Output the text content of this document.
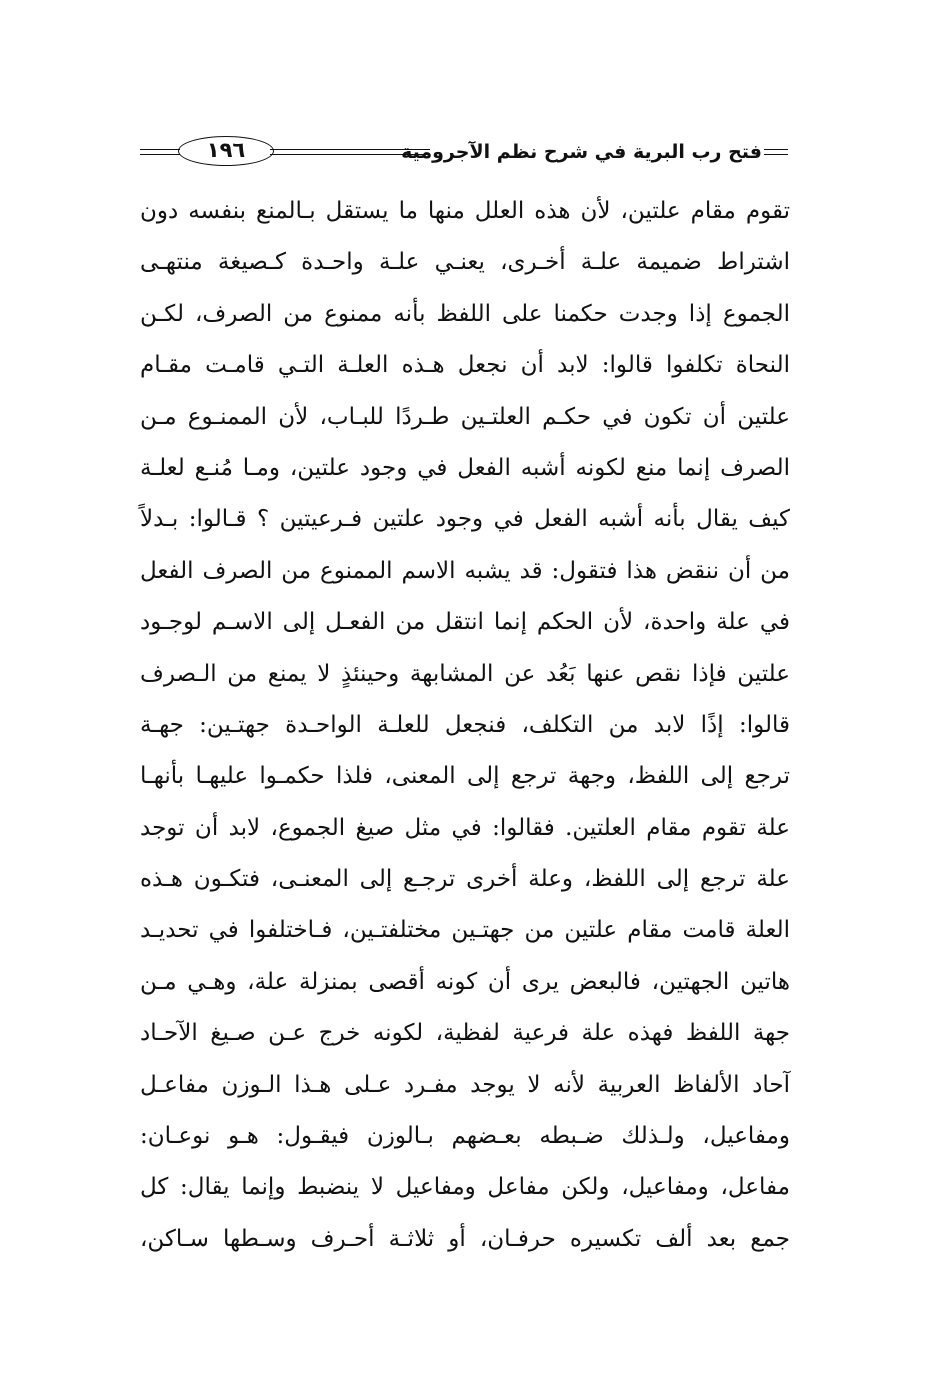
١٩٦	فتح رب البرية في شرح نظم الآجرومية
تقوم مقام علتين، لأن هذه العلل منها ما يستقل بـالمنع بنفسه دون
اشتراط ضميمة علـة أخـرى، يعنـي علـة واحـدة كـصيغة منتهـى
الجموع إذا وجدت حكمنا على اللفظ بأنه ممنوع من الصرف، لكـن
النحاة تكلفوا قالوا: لابد أن نجعل هـذه العلـة التـي قامـت مقـام
علتين أن تكون في حكـم العلتـين طـردًا للبـاب، لأن الممنـوع مـن
الصرف إنما منع لكونه أشبه الفعل في وجود علتين، ومـا مُنـع لعلـة
كيف يقال بأنه أشبه الفعل في وجود علتين فـرعيتين ؟ قـالوا: بـدلاً
من أن ننقض هذا فتقول: قد يشبه الاسم الممنوع من الصرف الفعل
في علة واحدة، لأن الحكم إنما انتقل من الفعـل إلى الاسـم لوجـود
علتين فإذا نقص عنها بَعُد عن المشابهة وحينئذٍ لا يمنع من الـصرف
قالوا: إذًا لابد من التكلف، فنجعل للعلـة الواحـدة جهتـين: جهـة
ترجع إلى اللفظ، وجهة ترجع إلى المعنى، فلذا حكمـوا عليهـا بأنهـا
علة تقوم مقام العلتين. فقالوا: في مثل صيغ الجموع، لابد أن توجد
علة ترجع إلى اللفظ، وعلة أخرى ترجـع إلى المعنـى، فتكـون هـذه
العلة قامت مقام علتين من جهتـين مختلفتـين، فـاختلفوا في تحديـد
هاتين الجهتين، فالبعض يرى أن كونه أقصى بمنزلة علة، وهـي مـن
جهة اللفظ فهذه علة فرعية لفظية، لكونه خرج عـن صـيغ الآحـاد
آحاد الألفاظ العربية لأنه لا يوجد مفـرد عـلى هـذا الـوزن مفاعـل
ومفاعيل، ولـذلك ضـبطه بعـضهم بـالوزن فيقـول: هـو نوعـان:
مفاعل، ومفاعيل، ولكن مفاعل ومفاعيل لا ينضبط وإنما يقال: كل
جمع بعد ألف تكسيره حرفـان، أو ثلاثـة أحـرف وسـطها سـاكن،
